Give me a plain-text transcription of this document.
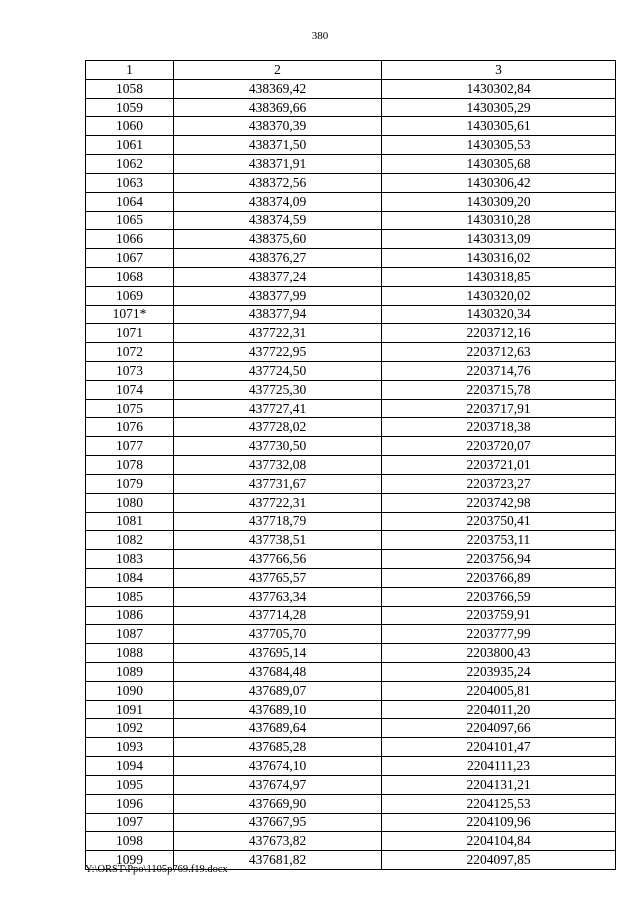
380
1	2	3
1058	438369,42	1430302,84
1059	438369,66	1430305,29
1060	438370,39	1430305,61
1061	438371,50	1430305,53
1062	438371,91	1430305,68
1063	438372,56	1430306,42
1064	438374,09	1430309,20
1065	438374,59	1430310,28
1066	438375,60	1430313,09
1067	438376,27	1430316,02
1068	438377,24	1430318,85
1069	438377,99	1430320,02
1071*	438377,94	1430320,34
1071	437722,31	2203712,16
1072	437722,95	2203712,63
1073	437724,50	2203714,76
1074	437725,30	2203715,78
1075	437727,41	2203717,91
1076	437728,02	2203718,38
1077	437730,50	2203720,07
1078	437732,08	2203721,01
1079	437731,67	2203723,27
1080	437722,31	2203742,98
1081	437718,79	2203750,41
1082	437738,51	2203753,11
1083	437766,56	2203756,94
1084	437765,57	2203766,89
1085	437763,34	2203766,59
1086	437714,28	2203759,91
1087	437705,70	2203777,99
1088	437695,14	2203800,43
1089	437684,48	2203935,24
1090	437689,07	2204005,81
1091	437689,10	2204011,20
1092	437689,64	2204097,66
1093	437685,28	2204101,47
1094	437674,10	2204111,23
1095	437674,97	2204131,21
1096	437669,90	2204125,53
1097	437667,95	2204109,96
1098	437673,82	2204104,84
1099	437681,82	2204097,85
Y:\ORST\Ppo\1105p769.f19.docx
